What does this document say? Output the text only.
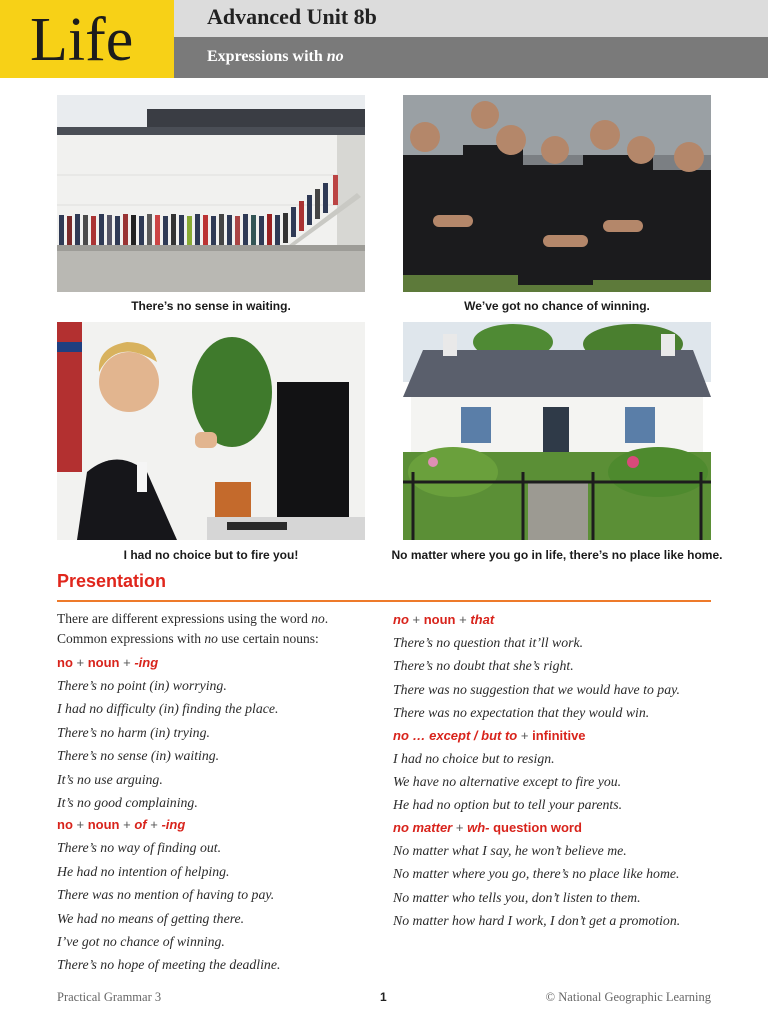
Life	Advanced Unit 8b
Expressions with no
There’s no sense in waiting.	We’ve got no chance of winning.
I had no choice but to fire you!	No matter where you go in life, there’s no place like home.
Presentation
There are different expressions using the word no.
Common expressions with no use certain nouns:
no + noun + -ing
There’s no point (in) worrying.
I had no difficulty (in) finding the place.
There’s no harm (in) trying.
There’s no sense (in) waiting.
It’s no use arguing.
It’s no good complaining.
no + noun + of + -ing
There’s no way of finding out.
He had no intention of helping.
There was no mention of having to pay.
We had no means of getting there.
I’ve got no chance of winning.
There’s no hope of meeting the deadline.
no + noun + that
There’s no question that it’ll work.
There’s no doubt that she’s right.
There was no suggestion that we would have to pay.
There was no expectation that they would win.
no … except / but to + infinitive
I had no choice but to resign.
We have no alternative except to fire you.
He had no option but to tell your parents.
no matter + wh- question word
No matter what I say, he won’t believe me.
No matter where you go, there’s no place like home.
No matter who tells you, don’t listen to them.
No matter how hard I work, I don’t get a promotion.
Practical Grammar 3	1	© National Geographic Learning
